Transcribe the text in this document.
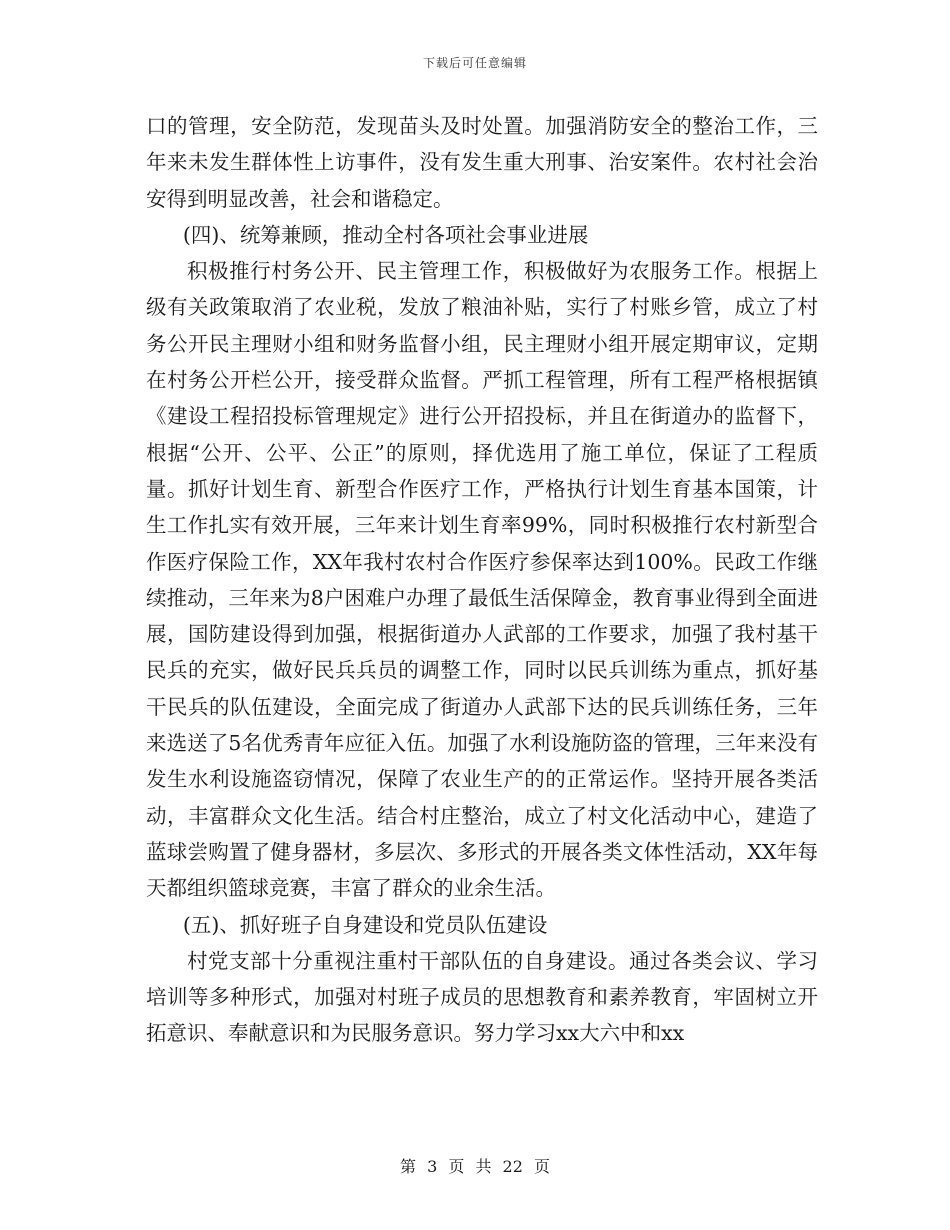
下载后可任意编辑

口的管理，安全防范，发现苗头及时处置。加强消防安全的整治工作，三年来未发生群体性上访事件，没有发生重大刑事、治安案件。农村社会治安得到明显改善，社会和谐稳定。

(四)、统筹兼顾，推动全村各项社会事业进展

积极推行村务公开、民主管理工作，积极做好为农服务工作。根据上级有关政策取消了农业税，发放了粮油补贴，实行了村账乡管，成立了村务公开民主理财小组和财务监督小组，民主理财小组开展定期审议，定期在村务公开栏公开，接受群众监督。严抓工程管理，所有工程严格根据镇《建设工程招投标管理规定》进行公开招投标，并且在街道办的监督下，根据“公开、公平、公正”的原则，择优选用了施工单位，保证了工程质量。抓好计划生育、新型合作医疗工作，严格执行计划生育基本国策，计生工作扎实有效开展，三年来计划生育率99%，同时积极推行农村新型合作医疗保险工作，XX年我村农村合作医疗参保率达到100%。民政工作继续推动，三年来为8户困难户办理了最低生活保障金，教育事业得到全面进展，国防建设得到加强，根据街道办人武部的工作要求，加强了我村基干民兵的充实，做好民兵兵员的调整工作，同时以民兵训练为重点，抓好基干民兵的队伍建设，全面完成了街道办人武部下达的民兵训练任务，三年来选送了5名优秀青年应征入伍。加强了水利设施防盗的管理，三年来没有发生水利设施盗窃情况，保障了农业生产的的正常运作。坚持开展各类活动，丰富群众文化生活。结合村庄整治，成立了村文化活动中心，建造了蓝球尝购置了健身器材，多层次、多形式的开展各类文体性活动，XX年每天都组织篮球竞赛，丰富了群众的业余生活。

(五)、抓好班子自身建设和党员队伍建设

村党支部十分重视注重村干部队伍的自身建设。通过各类会议、学习培训等多种形式，加强对村班子成员的思想教育和素养教育，牢固树立开拓意识、奉献意识和为民服务意识。努力学习xx大六中和xx

第 3 页 共 22 页
